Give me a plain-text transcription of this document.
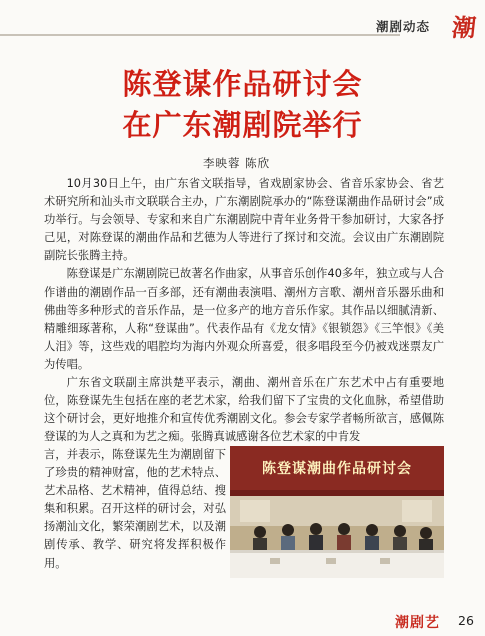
潮剧动态 潮
陈登谋作品研讨会
在广东潮剧院举行
李映蓉 陈欣

10月30日上午，由广东省文联指导，省戏剧家协会、省音乐家协会、省艺术研究所和汕头市文联联合主办，广东潮剧院承办的“陈登谋潮曲作品研讨会”成功举行。与会领导、专家和来自广东潮剧院中青年业务骨干参加研讨，大家各抒己见，对陈登谋的潮曲作品和艺德为人等进行了探讨和交流。会议由广东潮剧院副院长张腾主持。

陈登谋是广东潮剧院已故著名作曲家，从事音乐创作40多年，独立或与人合作谱曲的潮剧作品一百多部，还有潮曲表演唱、潮州方言歌、潮州音乐器乐曲和佛曲等多种形式的音乐作品，是一位多产的地方音乐作家。其作品以细腻清新、精雕细琢著称，人称“登谋曲”。代表作品有《龙女情》《银锁怨》《三竿恨》《美人泪》等，这些戏的唱腔均为海内外观众所喜爱，很多唱段至今仍被戏迷票友广为传唱。

广东省文联副主席洪楚平表示，潮曲、潮州音乐在广东艺术中占有重要地位，陈登谋先生包括在座的老艺术家，给我们留下了宝贵的文化血脉，希望借助这个研讨会，更好地推介和宣传优秀潮剧文化。参会专家学者畅所欲言，感佩陈登谋的为人之真和为艺之痴。张腾真诚感谢各位艺术家的中肯发

言，并表示，陈登谋先生为潮剧留下了珍贵的精神财富，他的艺术特点、艺术品格、艺术精神，值得总结、搜集和积累。召开这样的研讨会，对弘扬潮汕文化，繁荣潮剧艺术，以及潮剧传承、教学、研究将发挥积极作用。
陈登谋潮曲作品研讨会
潮剧艺 26
